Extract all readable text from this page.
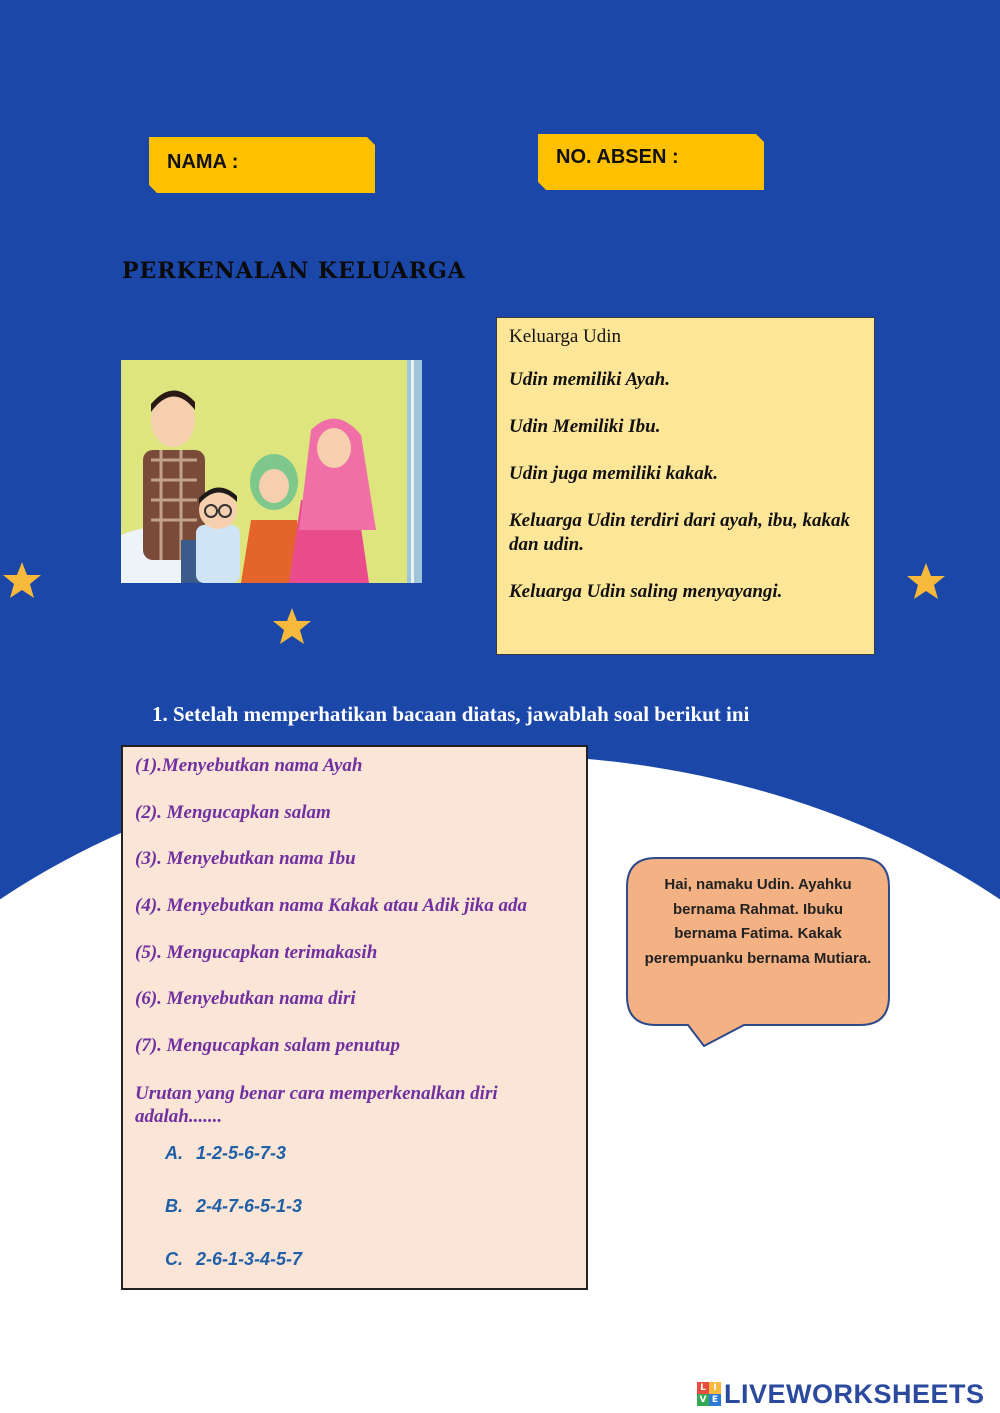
NAMA :	NO. ABSEN :
PERKENALAN KELUARGA
Keluarga Udin

Udin memiliki Ayah.

Udin Memiliki Ibu.

Udin juga memiliki kakak.

Keluarga Udin terdiri dari ayah, ibu, kakak dan udin.

Keluarga Udin saling menyayangi.

1. Setelah memperhatikan bacaan diatas, jawablah soal berikut ini
(1).Menyebutkan nama Ayah
(2). Mengucapkan salam
(3). Menyebutkan nama Ibu
(4). Menyebutkan nama Kakak atau Adik jika ada
(5). Mengucapkan terimakasih
(6). Menyebutkan nama diri
(7). Mengucapkan salam penutup
Urutan yang benar cara memperkenalkan diri adalah.......
A. 1-2-5-6-7-3
B. 2-4-7-6-5-1-3
C. 2-6-1-3-4-5-7
Hai, namaku Udin. Ayahku bernama Rahmat. Ibuku bernama Fatima. Kakak perempuanku bernama Mutiara.
L I
V E LIVEWORKSHEETS
